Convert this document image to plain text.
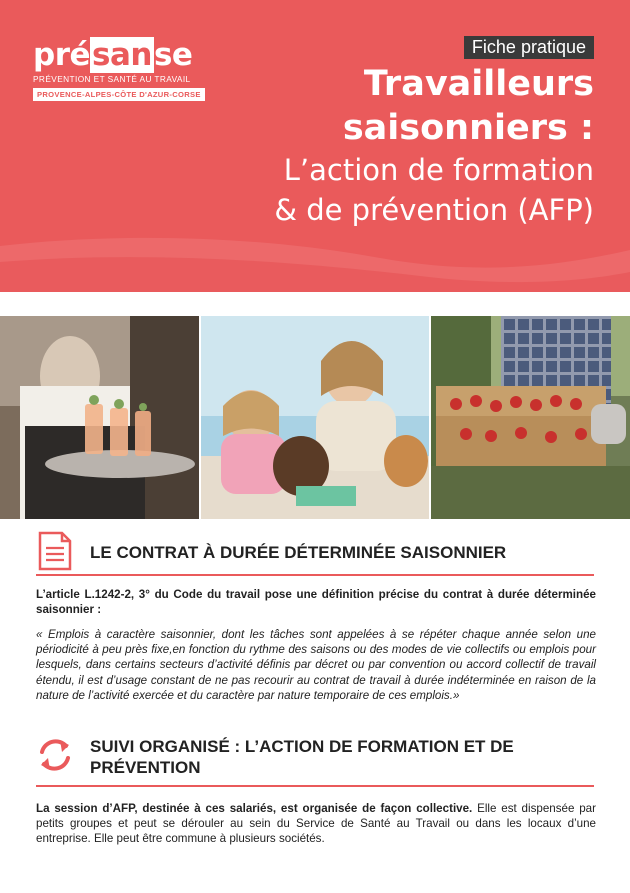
présanse
PRÉVENTION ET SANTÉ AU TRAVAIL
PROVENCE-ALPES-CÔTE D'AZUR-CORSE
Fiche pratique
Travailleurs
saisonniers :
L’action de formation
& de prévention (AFP)
LE CONTRAT À DURÉE DÉTERMINÉE SAISONNIER

L’article L.1242-2, 3° du Code du travail pose une définition précise du contrat à durée déterminée saisonnier :

« Emplois à caractère saisonnier, dont les tâches sont appelées à se répéter chaque année selon une périodicité à peu près fixe,en fonction du rythme des saisons ou des modes de vie collectifs ou emplois pour lesquels, dans certains secteurs d’activité définis par décret ou par convention ou accord collectif de travail étendu, il est d’usage constant de ne pas recourir au contrat de travail à durée indéterminée en raison de la nature de l’activité exercée et du caractère par nature temporaire de ces emplois.»

SUIVI ORGANISÉ : L’ACTION DE FORMATION ET DE PRÉVENTION

La session d’AFP, destinée à ces salariés, est organisée de façon collective. Elle est dispensée par petits groupes et peut se dérouler au sein du Service de Santé au Travail ou dans les locaux d’une entreprise. Elle peut être commune à plusieurs sociétés.
